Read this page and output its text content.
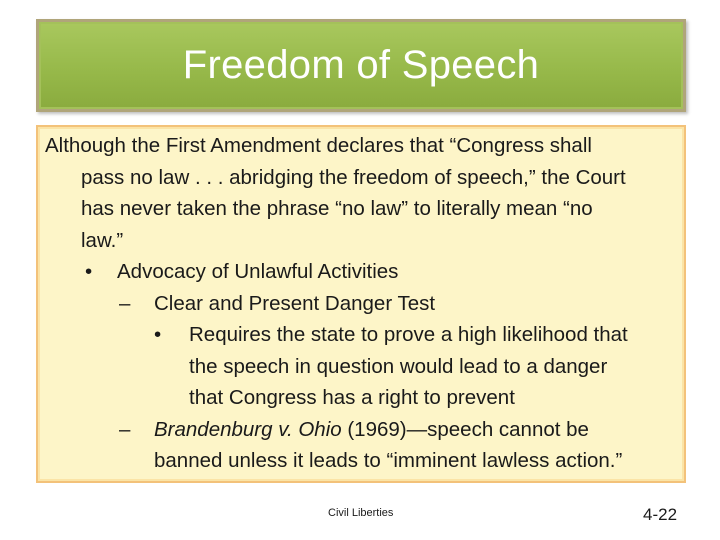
Freedom of Speech
Although the First Amendment declares that “Congress shall
pass no law . . . abridging the freedom of speech,” the Court
has never taken the phrase “no law” to literally mean “no
law.”
• Advocacy of Unlawful Activities
– Clear and Present Danger Test
• Requires the state to prove a high likelihood that
the speech in question would lead to a danger
that Congress has a right to prevent
– Brandenburg v. Ohio (1969)—speech cannot be
banned unless it leads to “imminent lawless action.”
Civil Liberties	4-22
